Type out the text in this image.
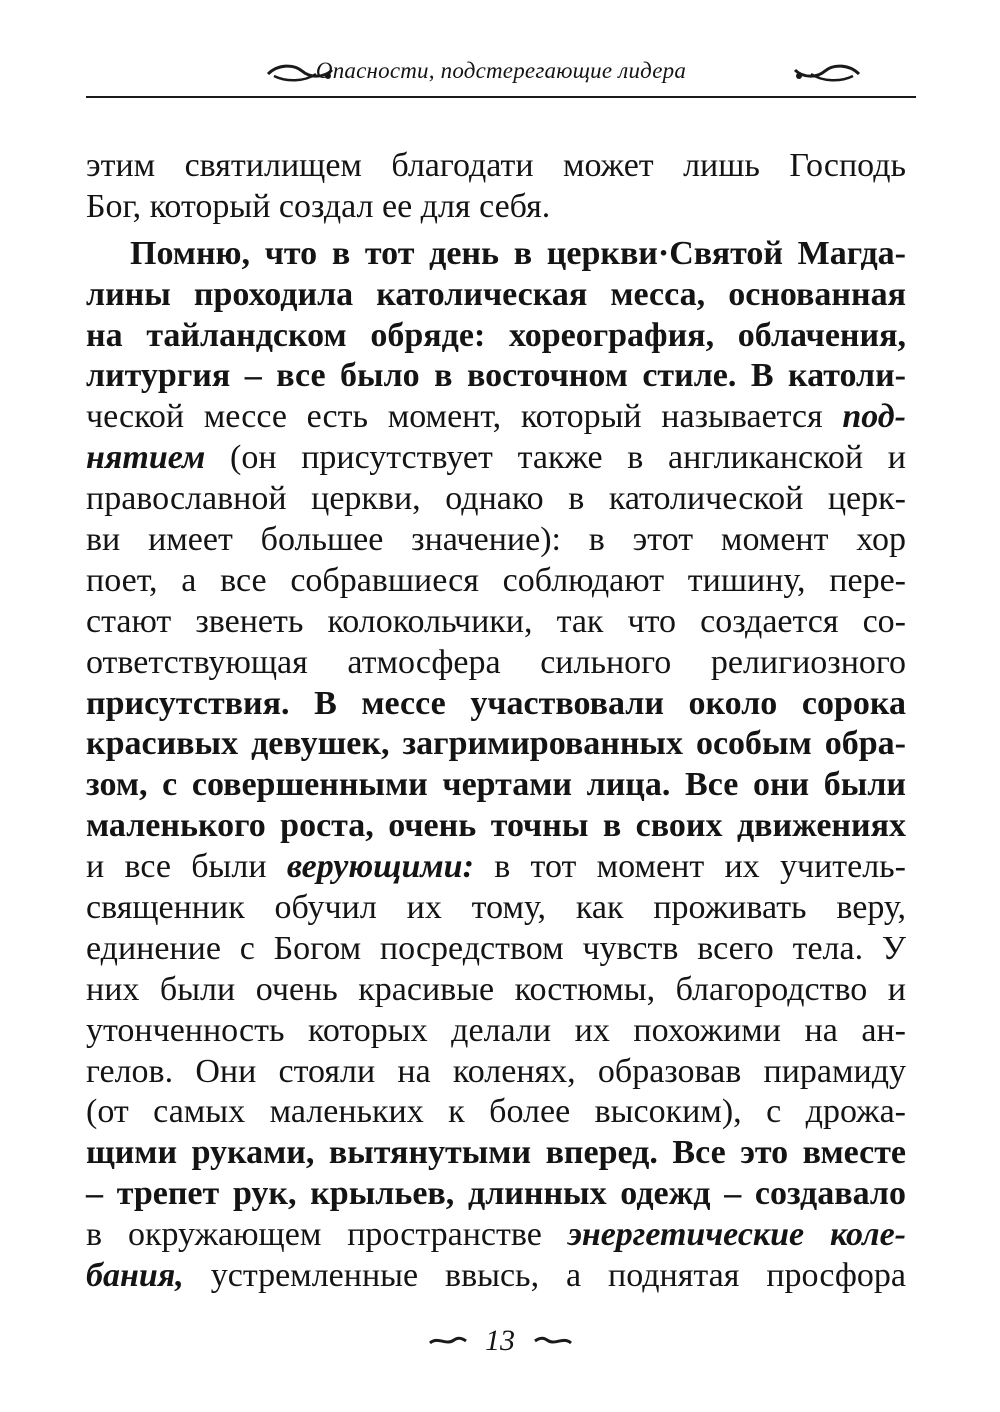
Опасности, подстерегающие лидера
этим святилищем благодати может лишь Господь
Бог, который создал ее для себя.
Помню, что в тот день в церкви·Святой Магда-
лины проходила католическая месса, основанная
на тайландском обряде: хореография, облачения,
литургия – все было в восточном стиле. В католи-
ческой мессе есть момент, который называется под-
нятием (он присутствует также в англиканской и
православной церкви, однако в католической церк-
ви имеет большее значение): в этот момент хор
поет, а все собравшиеся соблюдают тишину, пере-
стают звенеть колокольчики, так что создается со-
ответствующая атмосфера сильного религиозного
присутствия. В мессе участвовали около сорока
красивых девушек, загримированных особым обра-
зом, с совершенными чертами лица. Все они были
маленького роста, очень точны в своих движениях
и все были верующими: в тот момент их учитель-
священник обучил их тому, как проживать веру,
единение с Богом посредством чувств всего тела. У
них были очень красивые костюмы, благородство и
утонченность которых делали их похожими на ан-
гелов. Они стояли на коленях, образовав пирамиду
(от самых маленьких к более высоким), с дрожа-
щими руками, вытянутыми вперед. Все это вместе
– трепет рук, крыльев, длинных одежд – создавало
в окружающем пространстве энергетические коле-
бания, устремленные ввысь, а поднятая просфора
13
